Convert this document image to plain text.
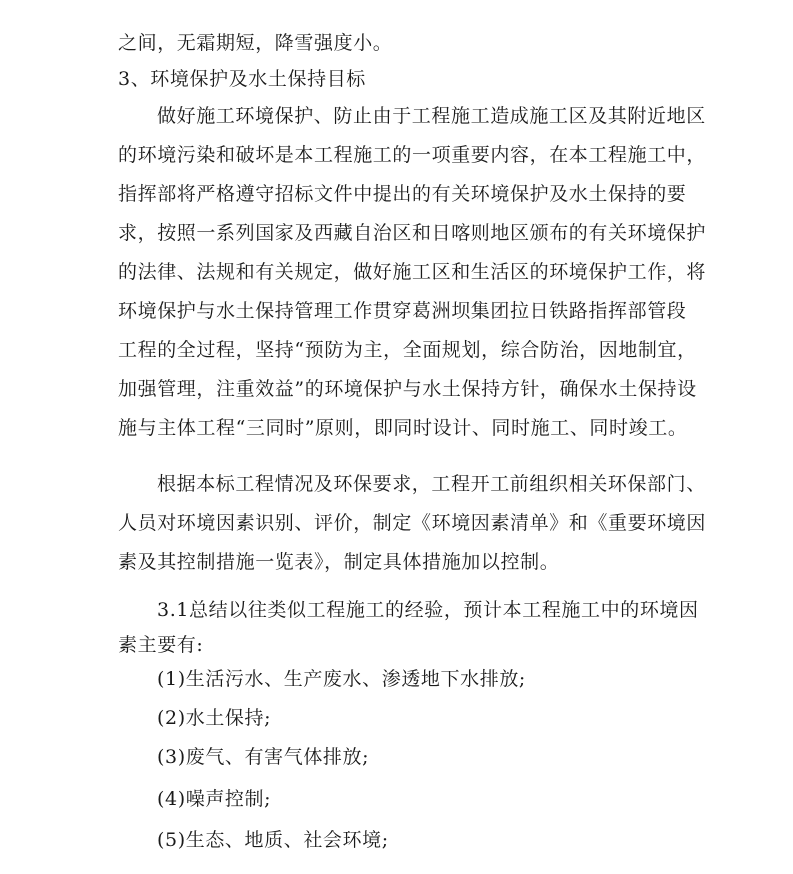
之间，无霜期短，降雪强度小。
3、环境保护及水土保持目标
做好施工环境保护、防止由于工程施工造成施工区及其附近地区
的环境污染和破坏是本工程施工的一项重要内容，在本工程施工中，
指挥部将严格遵守招标文件中提出的有关环境保护及水土保持的要
求，按照一系列国家及西藏自治区和日喀则地区颁布的有关环境保护
的法律、法规和有关规定，做好施工区和生活区的环境保护工作，将
环境保护与水土保持管理工作贯穿葛洲坝集团拉日铁路指挥部管段
工程的全过程，坚持“预防为主，全面规划，综合防治，因地制宜，
加强管理，注重效益”的环境保护与水土保持方针，确保水土保持设
施与主体工程“三同时”原则，即同时设计、同时施工、同时竣工。
根据本标工程情况及环保要求，工程开工前组织相关环保部门、
人员对环境因素识别、评价，制定《环境因素清单》和《重要环境因
素及其控制措施一览表》，制定具体措施加以控制。
3.1总结以往类似工程施工的经验，预计本工程施工中的环境因
素主要有:
(1)生活污水、生产废水、渗透地下水排放;
(2)水土保持;
(3)废气、有害气体排放;
(4)噪声控制;
(5)生态、地质、社会环境;
